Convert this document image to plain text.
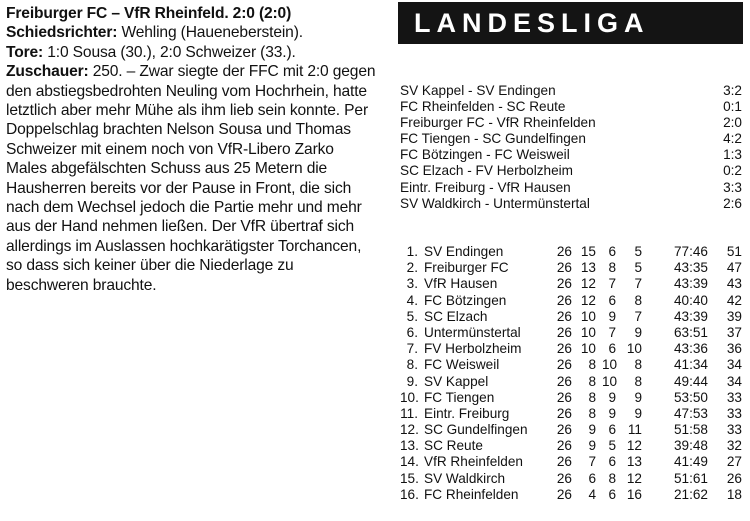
Freiburger FC – VfR Rheinfeld. 2:0 (2:0)

Schiedsrichter: Wehling (Haueneberstein).

Tore: 1:0 Sousa (30.), 2:0 Schweizer (33.).

Zuschauer: 250. – Zwar siegte der FFC mit 2:0 gegen den abstiegsbedrohten Neuling vom Hochrhein, hatte letztlich aber mehr Mühe als ihm lieb sein konnte. Per Doppelschlag brachten Nelson Sousa und Thomas Schweizer mit einem noch von VfR-Libero Zarko Males abgefälschten Schuss aus 25 Metern die Hausherren bereits vor der Pause in Front, die sich nach dem Wechsel jedoch die Partie mehr und mehr aus der Hand nehmen ließen. Der VfR übertraf sich allerdings im Auslassen hochkarätigster Torchancen, so dass sich keiner über die Niederlage zu beschweren brauchte.

LANDESLIGA
SV Kappel - SV Endingen	3:2
FC Rheinfelden - SC Reute	0:1
Freiburger FC - VfR Rheinfelden	2:0
FC Tiengen - SC Gundelfingen	4:2
FC Bötzingen - FC Weisweil	1:3
SC Elzach - FV Herbolzheim	0:2
Eintr. Freiburg - VfR Hausen	3:3
SV Waldkirch - Untermünstertal	2:6
1. SV Endingen	26 15 6	5	77:46	51
2. Freiburger FC	26 13 8	5	43:35	47
3. VfR Hausen	26 12 7	7	43:39	43
4. FC Bötzingen	26 12 6	8	40:40	42
5. SC Elzach	26 10 9	7	43:39	39
6. Untermünstertal	26 10 7	9	63:51	37
7. FV Herbolzheim	26 10 6 10	43:36	36
8. FC Weisweil	26	8 10	8	41:34	34
9. SV Kappel	26	8 10	8	49:44	34
10. FC Tiengen	26	8 9	9	53:50	33
11. Eintr. Freiburg	26	8 9	9	47:53	33
12. SC Gundelfingen	26	9 6 11	51:58	33
13. SC Reute	26	9 5 12	39:48	32
14. VfR Rheinfelden	26	7 6 13	41:49	27
15. SV Waldkirch	26	6 8 12	51:61	26
16. FC Rheinfelden	26	4 6 16	21:62	18
